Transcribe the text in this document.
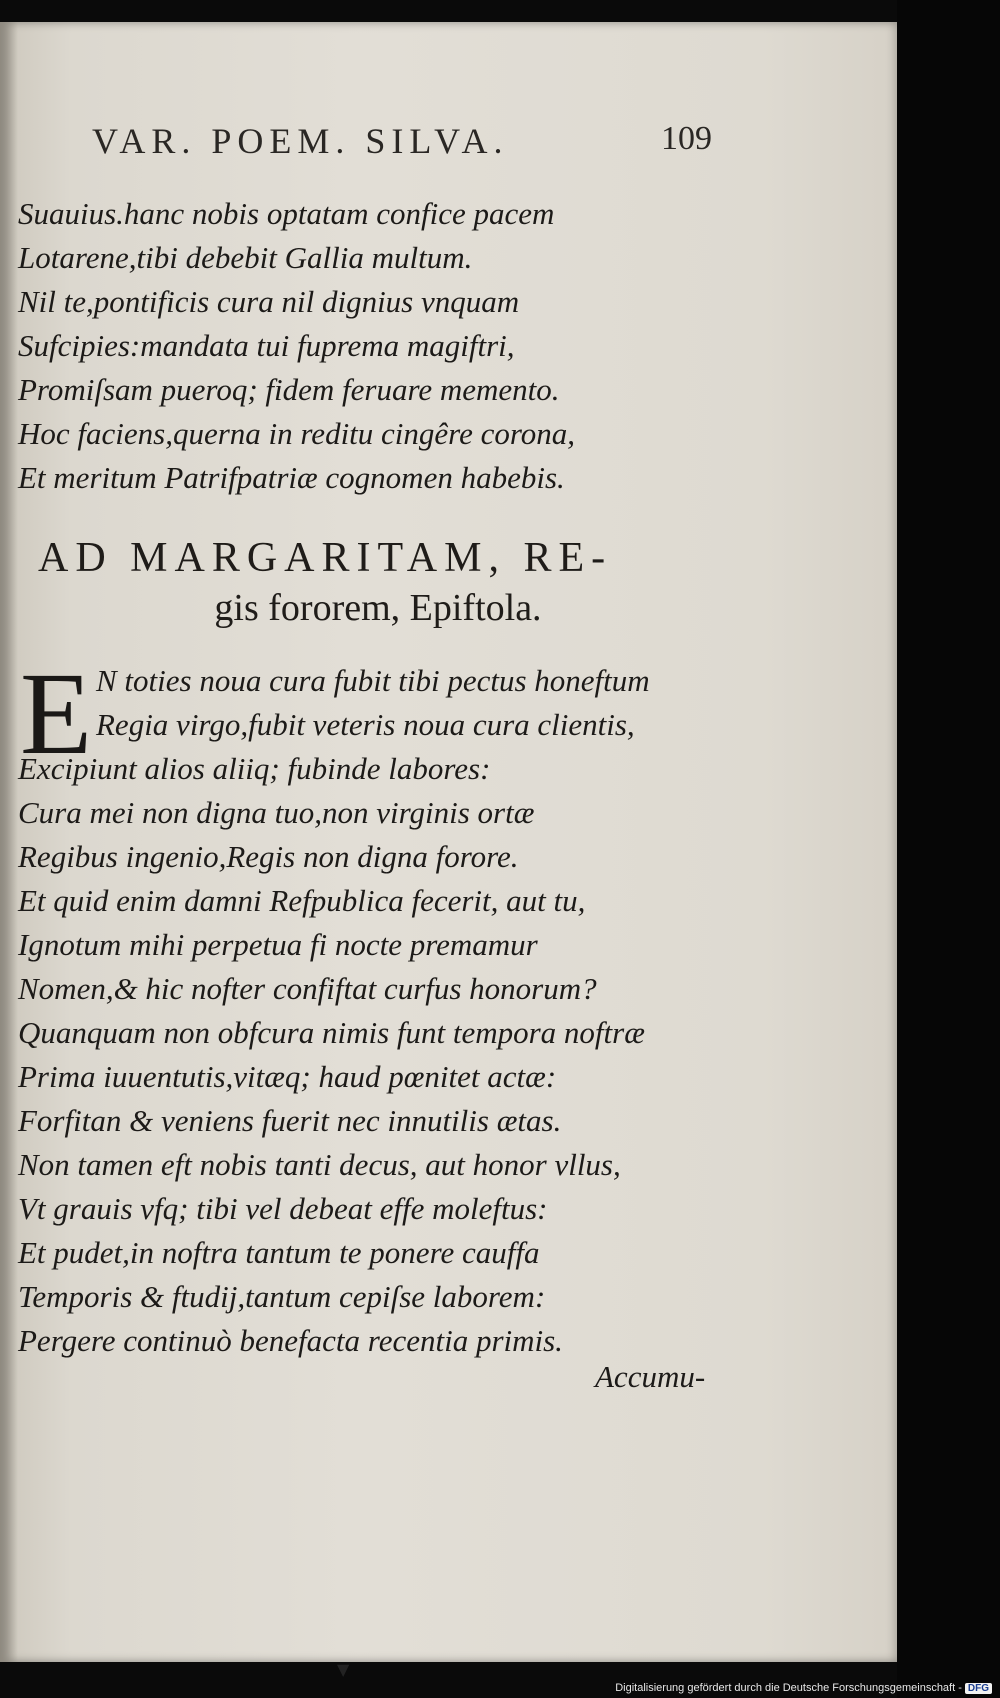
VAR. POEM. SILVA.	109
Suauius.hanc nobis optatam confice pacem
Lotarene,tibi debebit Gallia multum.
Nil te,pontificis cura nil dignius vnquam
Sufcipies:mandata tui fuprema magiftri,
Promiſsam pueroq; fidem feruare memento.
Hoc faciens,querna in reditu cingêre corona,
Et meritum Patrifpatriæ cognomen habebis.
AD MARGARITAM, RE-
gis fororem, Epiftola.
E N toties noua cura fubit tibi pectus honeftum
Regia virgo,fubit veteris noua cura clientis,
Excipiunt alios aliiq; fubinde labores:
Cura mei non digna tuo,non virginis ortæ
Regibus ingenio,Regis non digna forore.
Et quid enim damni Refpublica fecerit, aut tu,
Ignotum mihi perpetua fi nocte premamur
Nomen,& hic nofter confiftat curfus honorum?
Quanquam non obfcura nimis funt tempora noftræ
Prima iuuentutis,vitæq; haud pœnitet actæ:
Forfitan & veniens fuerit nec innutilis ætas.
Non tamen eft nobis tanti decus, aut honor vllus,
Vt grauis vfq; tibi vel debeat effe moleftus:
Et pudet,in noftra tantum te ponere cauffa
Temporis & ftudij,tantum cepiſse laborem:
Pergere continuò benefacta recentia primis.
Accumu-
▼
Digitalisierung gefördert durch die Deutsche Forschungsgemeinschaft - DFG
